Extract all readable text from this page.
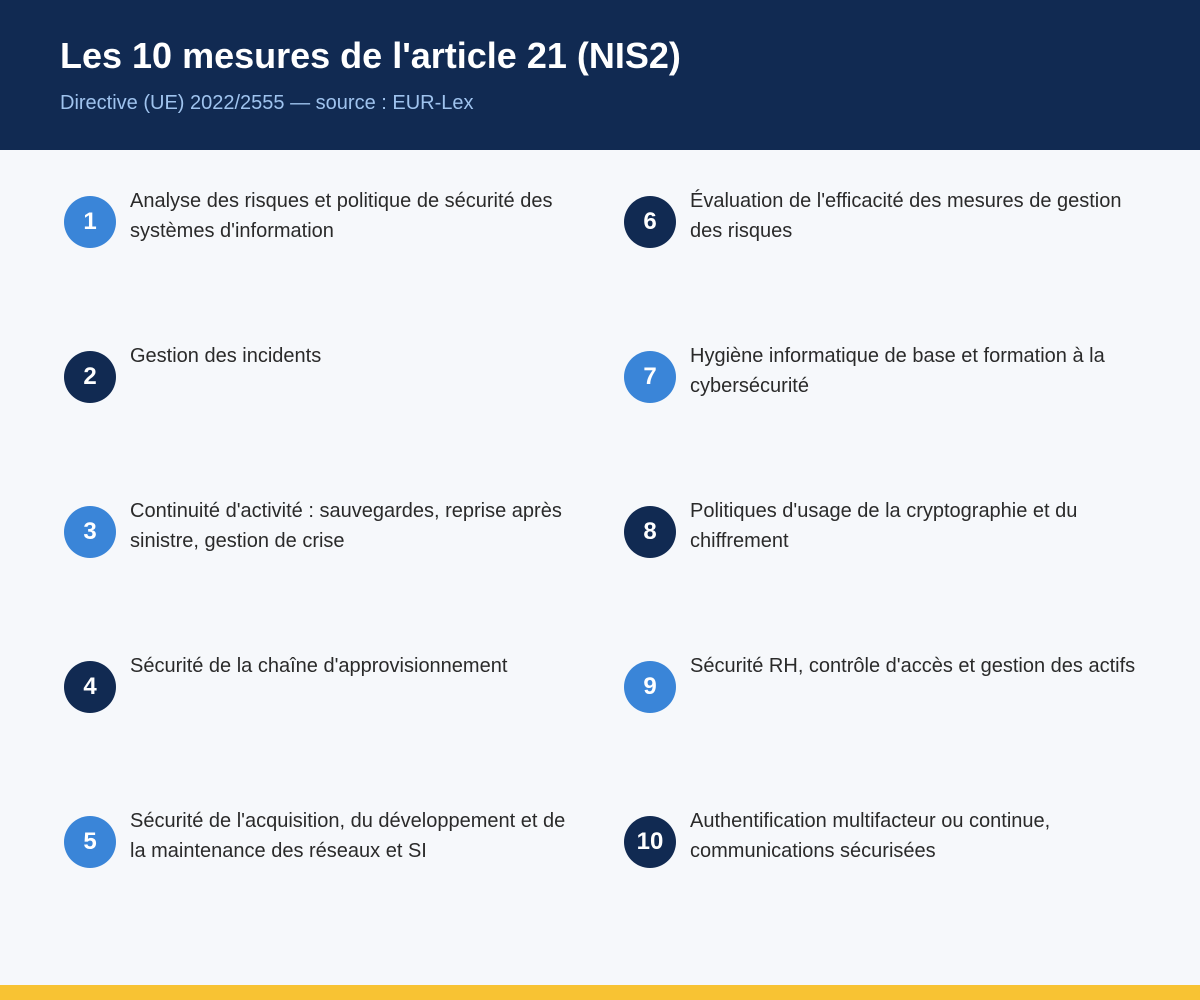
Les 10 mesures de l'article 21 (NIS2)

Directive (UE) 2022/2555 — source : EUR-Lex

1

Analyse des risques et politique de sécurité des systèmes d'information

2

Gestion des incidents

3

Continuité d'activité : sauvegardes, reprise après sinistre, gestion de crise

4

Sécurité de la chaîne d'approvisionnement

5

Sécurité de l'acquisition, du développement et de la maintenance des réseaux et SI

6

Évaluation de l'efficacité des mesures de gestion des risques

7

Hygiène informatique de base et formation à la cybersécurité

8

Politiques d'usage de la cryptographie et du chiffrement

9

Sécurité RH, contrôle d'accès et gestion des actifs

10

Authentification multifacteur ou continue, communications sécurisées
